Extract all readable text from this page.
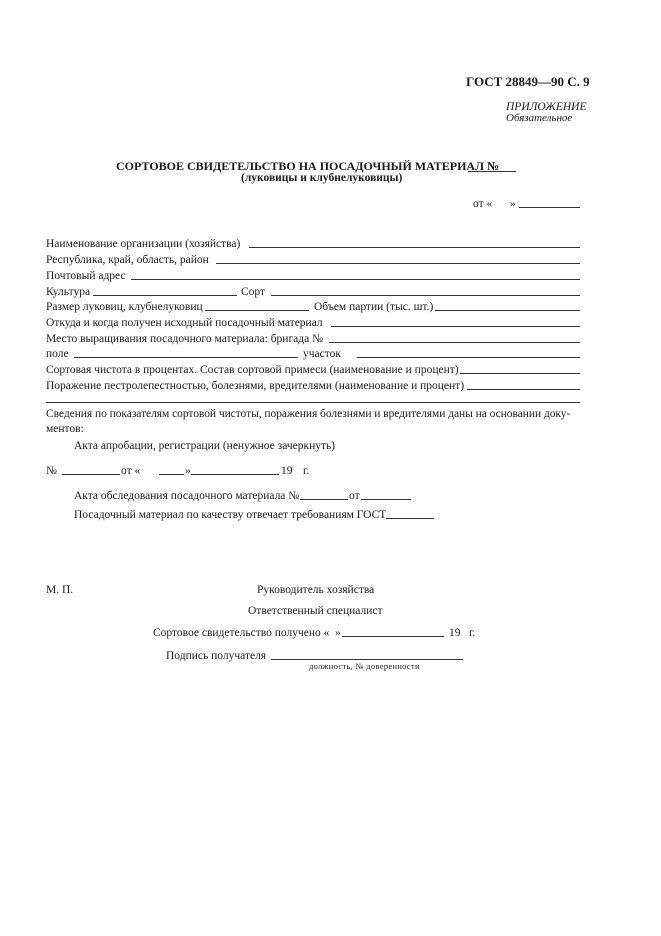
ГОСТ 28849—90 С. 9
ПРИЛОЖЕНИЕ
Обязательное
СОРТОВОЕ СВИДЕТЕЛЬСТВО НА ПОСАДОЧНЫЙ МАТЕРИАЛ №
(луковицы и клубнелуковицы)
от « »
Наименование организации (хозяйства)
Республика, край, область, район
Почтовый адрес
Культура	Сорт
Размер луковиц, клубнелуковиц	Объем партии (тыс. шт.)
Откуда и когда получен исходный посадочный материал
Место выращивания посадочного материала: бригада №
поле	участок
Сортовая чистота в процентах. Состав сортовой примеси (наименование и процент)
Поражение пестролепестностью, болезнями, вредителями (наименование и процент)
Сведения по показателям сортовой чистоты, поражения болезнями и вредителями даны на основании доку-
ментов:
Акта апробации, регистрации (ненужное зачеркнуть)
№	от «	»	19 г.
Акта обследования посадочного материала №	от
Посадочный материал по качеству отвечает требованиям ГОСТ
М. П.	Руководитель хозяйства
Ответственный специалист
Сортовое свидетельство получено « »	19 г.
Подпись получателя
должность, № доверенности
